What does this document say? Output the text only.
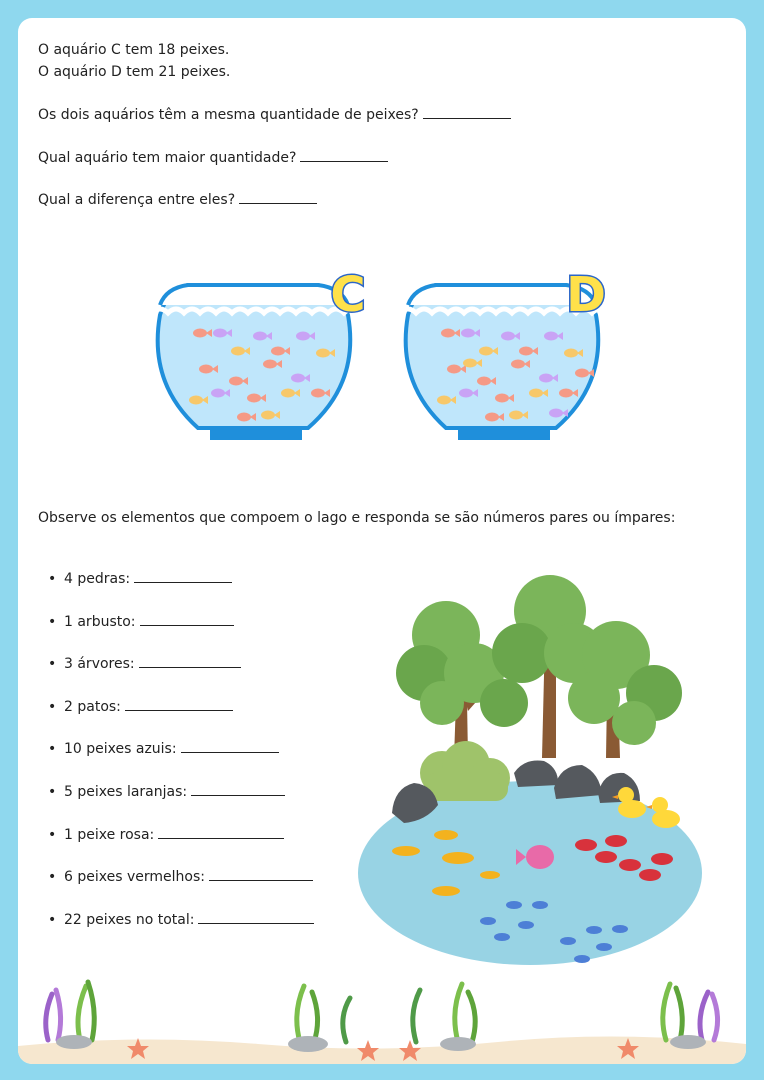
O aquário C tem 18 peixes.
O aquário D tem 21 peixes.
Os dois aquários têm a mesma quantidade de peixes?
Qual aquário tem maior quantidade?
Qual a diferença entre eles?
C	D
Observe os elementos que compoem o lago e responda se são números pares ou ímpares:
• 4 pedras:
• 1 arbusto:
• 3 árvores:
• 2 patos:
• 10 peixes azuis:
• 5 peixes laranjas:
• 1 peixe rosa:
• 6 peixes vermelhos:
• 22 peixes no total:
